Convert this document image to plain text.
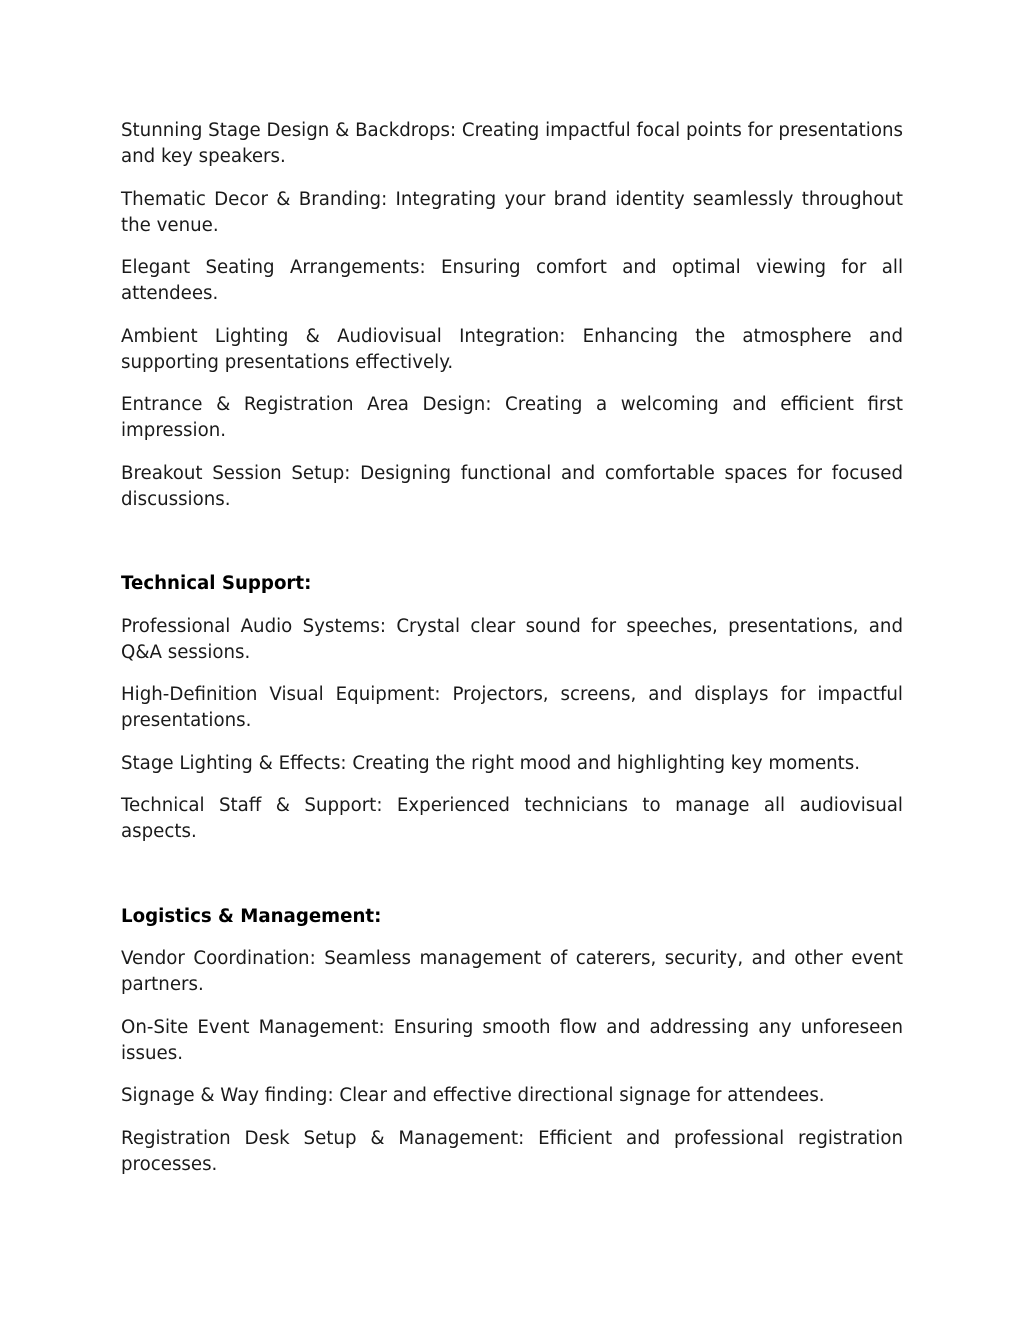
Stunning Stage Design & Backdrops: Creating impactful focal points for presentations and key speakers.

Thematic Decor & Branding: Integrating your brand identity seamlessly throughout the venue.

Elegant Seating Arrangements: Ensuring comfort and optimal viewing for all attendees.

Ambient Lighting & Audiovisual Integration: Enhancing the atmosphere and supporting presentations effectively.

Entrance & Registration Area Design: Creating a welcoming and efficient first impression.

Breakout Session Setup: Designing functional and comfortable spaces for focused discussions.

Technical Support:

Professional Audio Systems: Crystal clear sound for speeches, presentations, and Q&A sessions.

High-Definition Visual Equipment: Projectors, screens, and displays for impactful presentations.

Stage Lighting & Effects: Creating the right mood and highlighting key moments.

Technical Staff & Support: Experienced technicians to manage all audiovisual aspects.

Logistics & Management:

Vendor Coordination: Seamless management of caterers, security, and other event partners.

On-Site Event Management: Ensuring smooth flow and addressing any unforeseen issues.

Signage & Way finding: Clear and effective directional signage for attendees.

Registration Desk Setup & Management: Efficient and professional registration processes.
